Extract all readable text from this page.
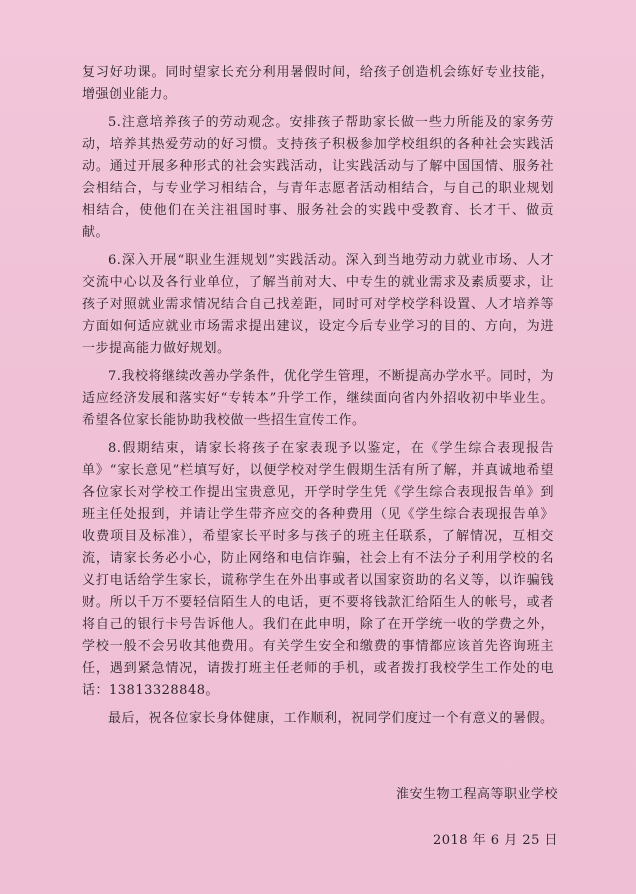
复习好功课。同时望家长充分利用暑假时间，给孩子创造机会练好专业技能，增强创业能力。

5.注意培养孩子的劳动观念。安排孩子帮助家长做一些力所能及的家务劳动，培养其热爱劳动的好习惯。支持孩子积极参加学校组织的各种社会实践活动。通过开展多种形式的社会实践活动，让实践活动与了解中国国情、服务社会相结合，与专业学习相结合，与青年志愿者活动相结合，与自己的职业规划相结合，使他们在关注祖国时事、服务社会的实践中受教育、长才干、做贡献。

6.深入开展“职业生涯规划”实践活动。深入到当地劳动力就业市场、人才交流中心以及各行业单位，了解当前对大、中专生的就业需求及素质要求，让孩子对照就业需求情况结合自己找差距，同时可对学校学科设置、人才培养等方面如何适应就业市场需求提出建议，设定今后专业学习的目的、方向，为进一步提高能力做好规划。

7.我校将继续改善办学条件，优化学生管理，不断提高办学水平。同时，为适应经济发展和落实好“专转本”升学工作，继续面向省内外招收初中毕业生。希望各位家长能协助我校做一些招生宣传工作。

8.假期结束，请家长将孩子在家表现予以鉴定，在《学生综合表现报告单》“家长意见”栏填写好，以便学校对学生假期生活有所了解，并真诚地希望各位家长对学校工作提出宝贵意见，开学时学生凭《学生综合表现报告单》到班主任处报到，并请让学生带齐应交的各种费用（见《学生综合表现报告单》收费项目及标准），希望家长平时多与孩子的班主任联系，了解情况，互相交流，请家长务必小心，防止网络和电信诈骗，社会上有不法分子利用学校的名义打电话给学生家长，谎称学生在外出事或者以国家资助的名义等，以诈骗钱财。所以千万不要轻信陌生人的电话，更不要将钱款汇给陌生人的帐号，或者将自己的银行卡号告诉他人。我们在此申明，除了在开学统一收的学费之外，学校一般不会另收其他费用。有关学生安全和缴费的事情都应该首先咨询班主任，遇到紧急情况，请拨打班主任老师的手机，或者拨打我校学生工作处的电话：13813328848。

最后，祝各位家长身体健康，工作顺利，祝同学们度过一个有意义的暑假。

淮安生物工程高等职业学校
2018 年 6 月 25 日
